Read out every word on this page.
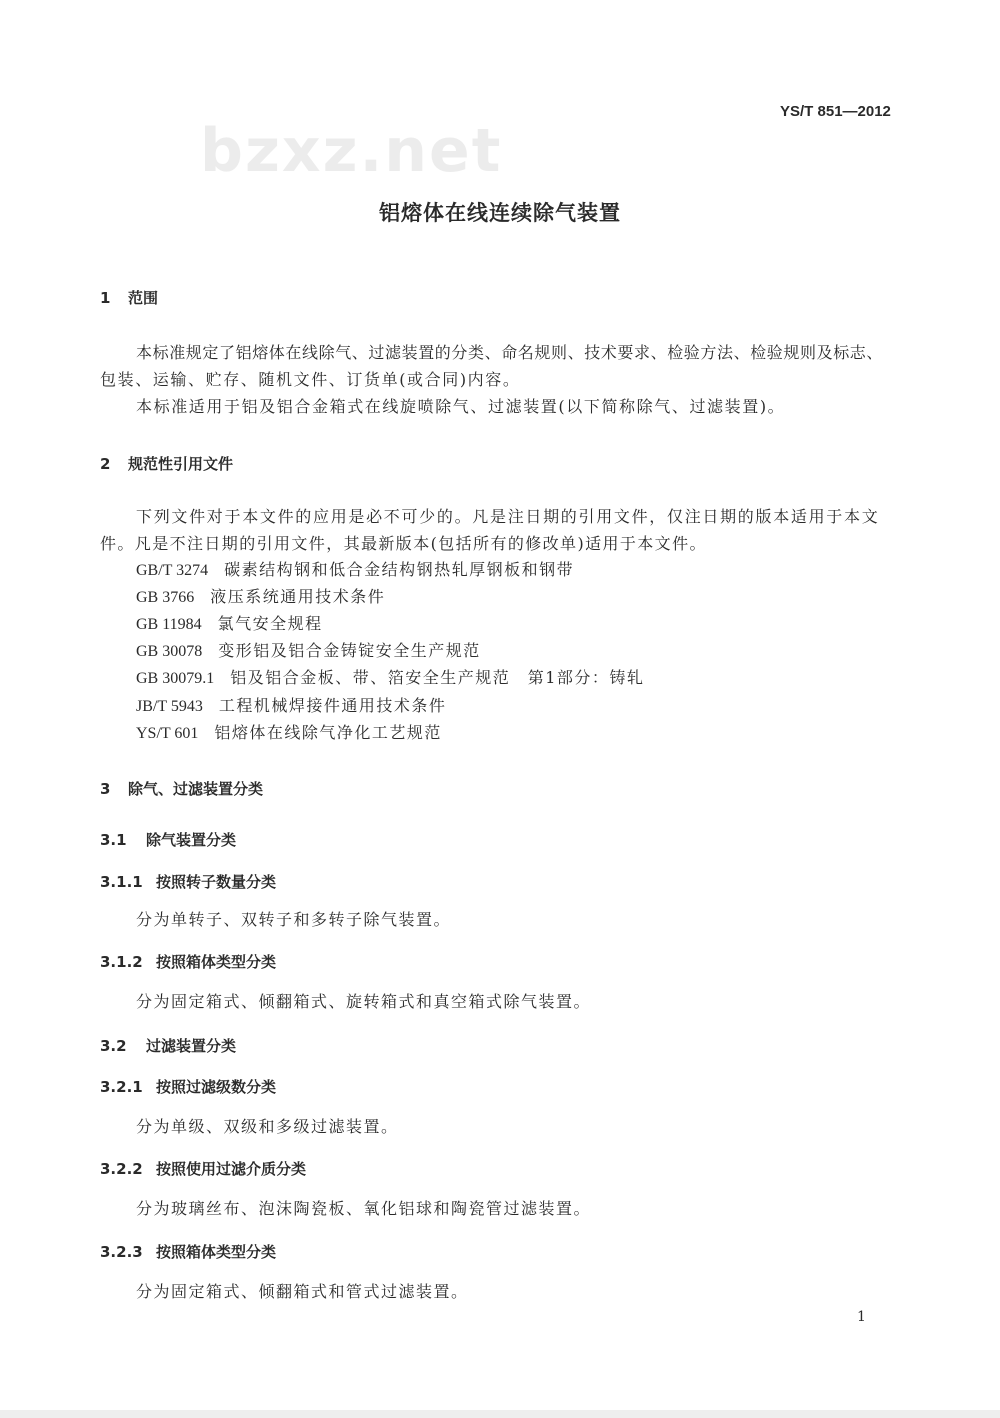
bzxz.net
YS/T 851—2012
铝熔体在线连续除气装置
1 范围
本标准规定了铝熔体在线除气、过滤装置的分类、命名规则、技术要求、检验方法、检验规则及标志、
包装、运输、贮存、随机文件、订货单(或合同)内容。
本标准适用于铝及铝合金箱式在线旋喷除气、过滤装置(以下简称除气、过滤装置)。
2 规范性引用文件
下列文件对于本文件的应用是必不可少的。凡是注日期的引用文件，仅注日期的版本适用于本文
件。凡是不注日期的引用文件，其最新版本(包括所有的修改单)适用于本文件。
GB/T 3274 碳素结构钢和低合金结构钢热轧厚钢板和钢带
GB 3766 液压系统通用技术条件
GB 11984 氯气安全规程
GB 30078 变形铝及铝合金铸锭安全生产规范
GB 30079.1 铝及铝合金板、带、箔安全生产规范　第1部分：铸轧
JB/T 5943 工程机械焊接件通用技术条件
YS/T 601 铝熔体在线除气净化工艺规范
3 除气、过滤装置分类
3.1 除气装置分类
3.1.1 按照转子数量分类
分为单转子、双转子和多转子除气装置。
3.1.2 按照箱体类型分类
分为固定箱式、倾翻箱式、旋转箱式和真空箱式除气装置。
3.2 过滤装置分类
3.2.1 按照过滤级数分类
分为单级、双级和多级过滤装置。
3.2.2 按照使用过滤介质分类
分为玻璃丝布、泡沫陶瓷板、氧化铝球和陶瓷管过滤装置。
3.2.3 按照箱体类型分类
分为固定箱式、倾翻箱式和管式过滤装置。
1
